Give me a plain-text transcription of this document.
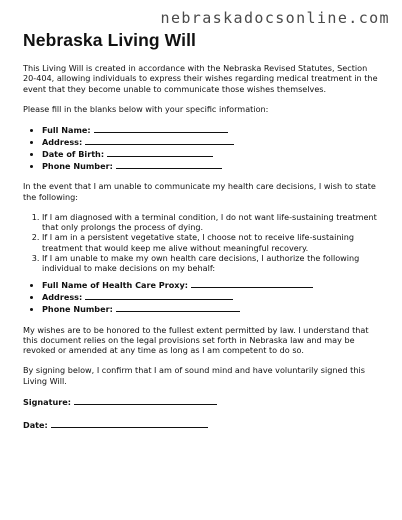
nebraskadocsonline.com
Nebraska Living Will

This Living Will is created in accordance with the Nebraska Revised Statutes, Section 20-404, allowing individuals to express their wishes regarding medical treatment in the event that they become unable to communicate those wishes themselves.

Please fill in the blanks below with your specific information:

• Full Name:
• Address:
• Date of Birth:
• Phone Number:

In the event that I am unable to communicate my health care decisions, I wish to state the following:

1. If I am diagnosed with a terminal condition, I do not want life-sustaining treatment that only prolongs the process of dying.
2. If I am in a persistent vegetative state, I choose not to receive life-sustaining treatment that would keep me alive without meaningful recovery.
3. If I am unable to make my own health care decisions, I authorize the following individual to make decisions on my behalf:
• Full Name of Health Care Proxy:
• Address:
• Phone Number:

My wishes are to be honored to the fullest extent permitted by law. I understand that this document relies on the legal provisions set forth in Nebraska law and may be revoked or amended at any time as long as I am competent to do so.

By signing below, I confirm that I am of sound mind and have voluntarily signed this Living Will.

Signature:
Date:
